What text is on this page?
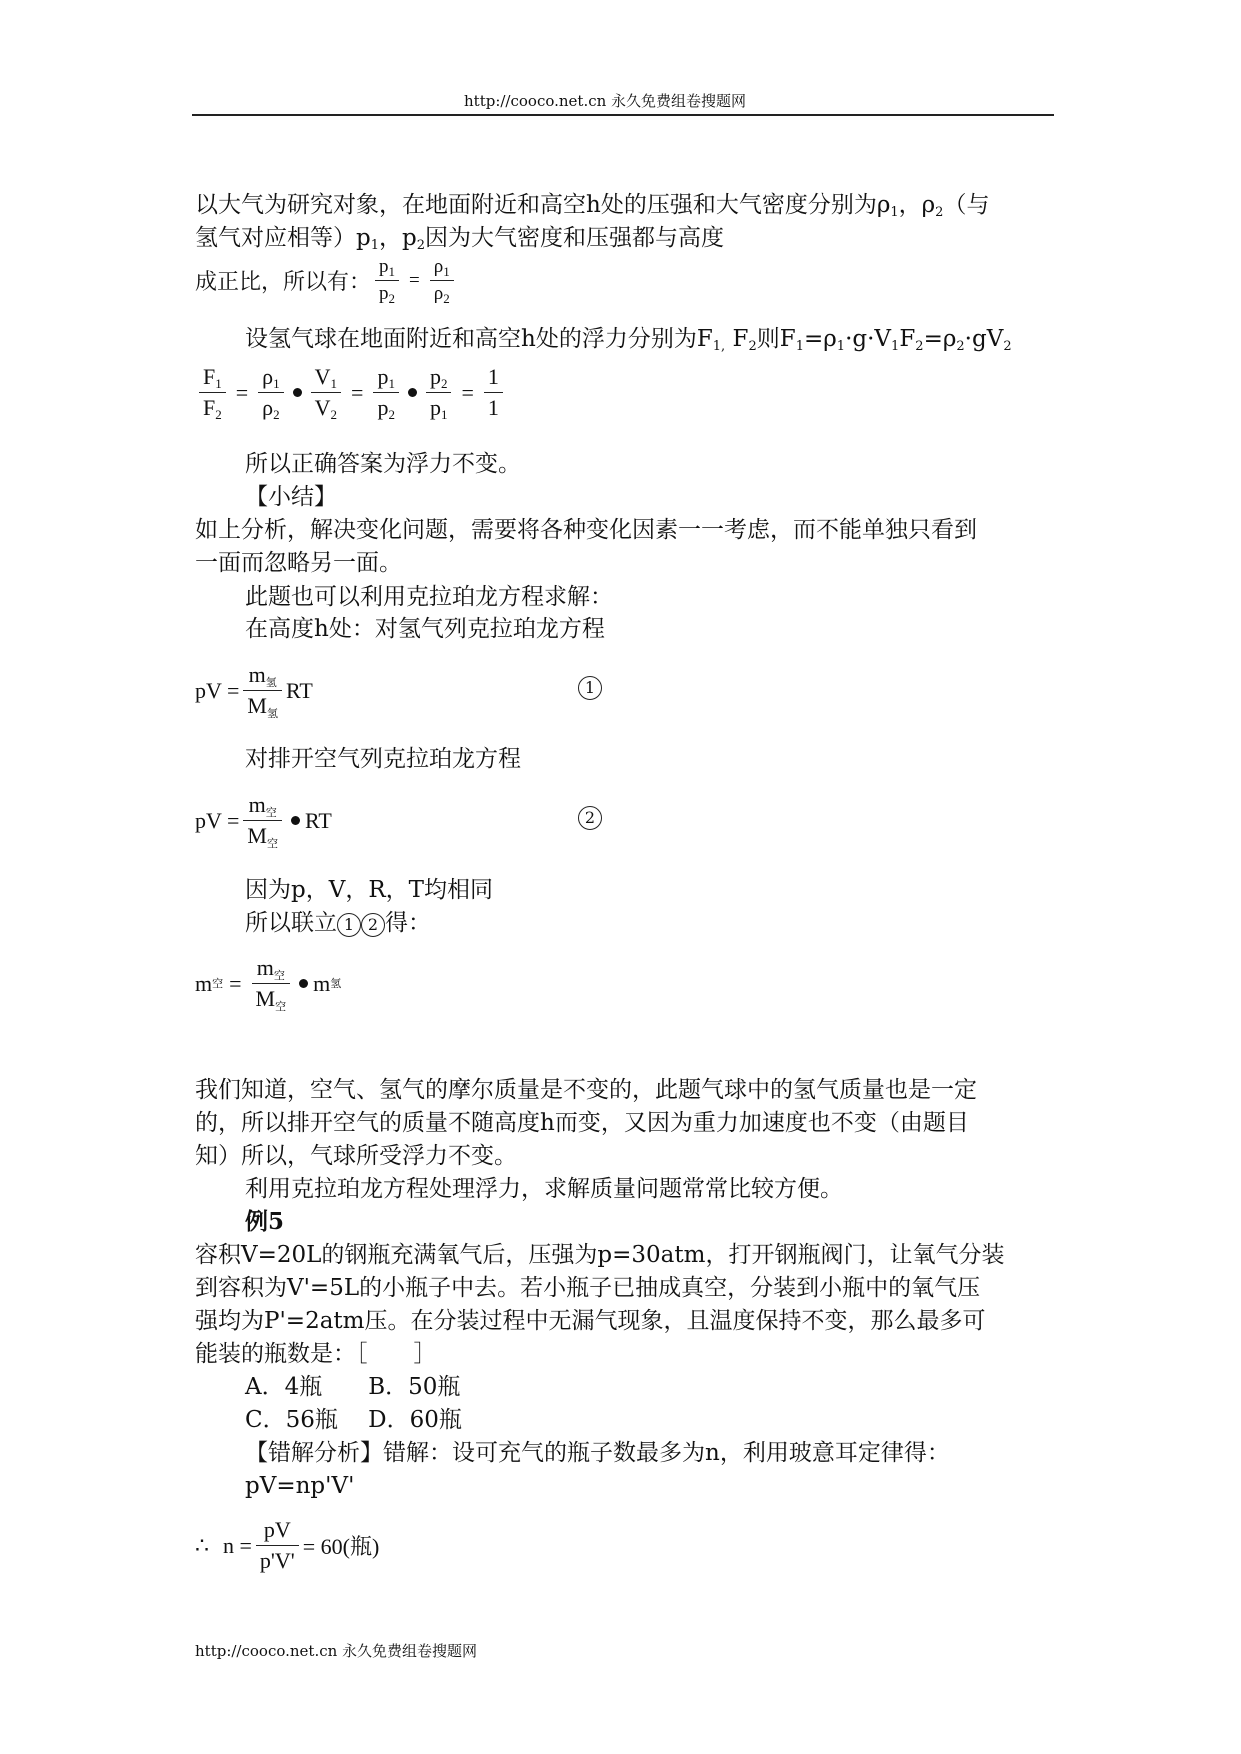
http://cooco.net.cn 永久免费组卷搜题网
以大气为研究对象，在地面附近和高空h处的压强和大气密度分别为$\rho_1$，$\rho_2$（与
氢气对应相等）$p_1$，$p_2$因为大气密度和压强都与高度
成正比，所以有： $\frac{p_1}{p_2} = \frac{\rho_1}{\rho_2}$
设氢气球在地面附近和高空h处的浮力分别为$F_{1,}$ $F_2$则$F_1=\rho_1\cdot g\cdot V_1F_2=\rho_2\cdot gV_2$
$\frac{F_1}{F_2} = \frac{\rho_1}{\rho_2} \frac{V_1}{V_2} = \frac{p_1}{p_2} \frac{p_2}{p_1} = \frac{1}{1}$
所以正确答案为浮力不变。
【小结】
如上分析，解决变化问题，需要将各种变化因素一一考虑，而不能单独只看到
一面而忽略另一面。
此题也可以利用克拉珀龙方程求解：
在高度h处：对氢气列克拉珀龙方程
pV = $\frac{m_氢}{M_氢}$ RT	1
对排开空气列克拉珀龙方程
pV = $\frac{m_空}{M_空}$ RT	2
因为p，V，R，T均相同
所以联立 1 2 得：
m 空 = $\frac{m_空}{M_空}$ m 氢
我们知道，空气、氢气的摩尔质量是不变的，此题气球中的氢气质量也是一定
的，所以排开空气的质量不随高度h而变，又因为重力加速度也不变（由题目
知）所以，气球所受浮力不变。
利用克拉珀龙方程处理浮力，求解质量问题常常比较方便。
例5
容积V=20L的钢瓶充满氧气后，压强为p=30atm，打开钢瓶阀门，让氧气分装
到容积为V'=5L的小瓶子中去。若小瓶子已抽成真空，分装到小瓶中的氧气压
强均为P'=2atm压。在分装过程中无漏气现象，且温度保持不变，那么最多可
能装的瓶数是：［　　］
A．4瓶　　B．50瓶
C．56瓶　 D．60瓶
【错解分析】错解：设可充气的瓶子数最多为n，利用玻意耳定律得：
pV=np'V'
∴ $n = \frac{pV}{p'V'} = 60$(瓶)
http://cooco.net.cn 永久免费组卷搜题网
